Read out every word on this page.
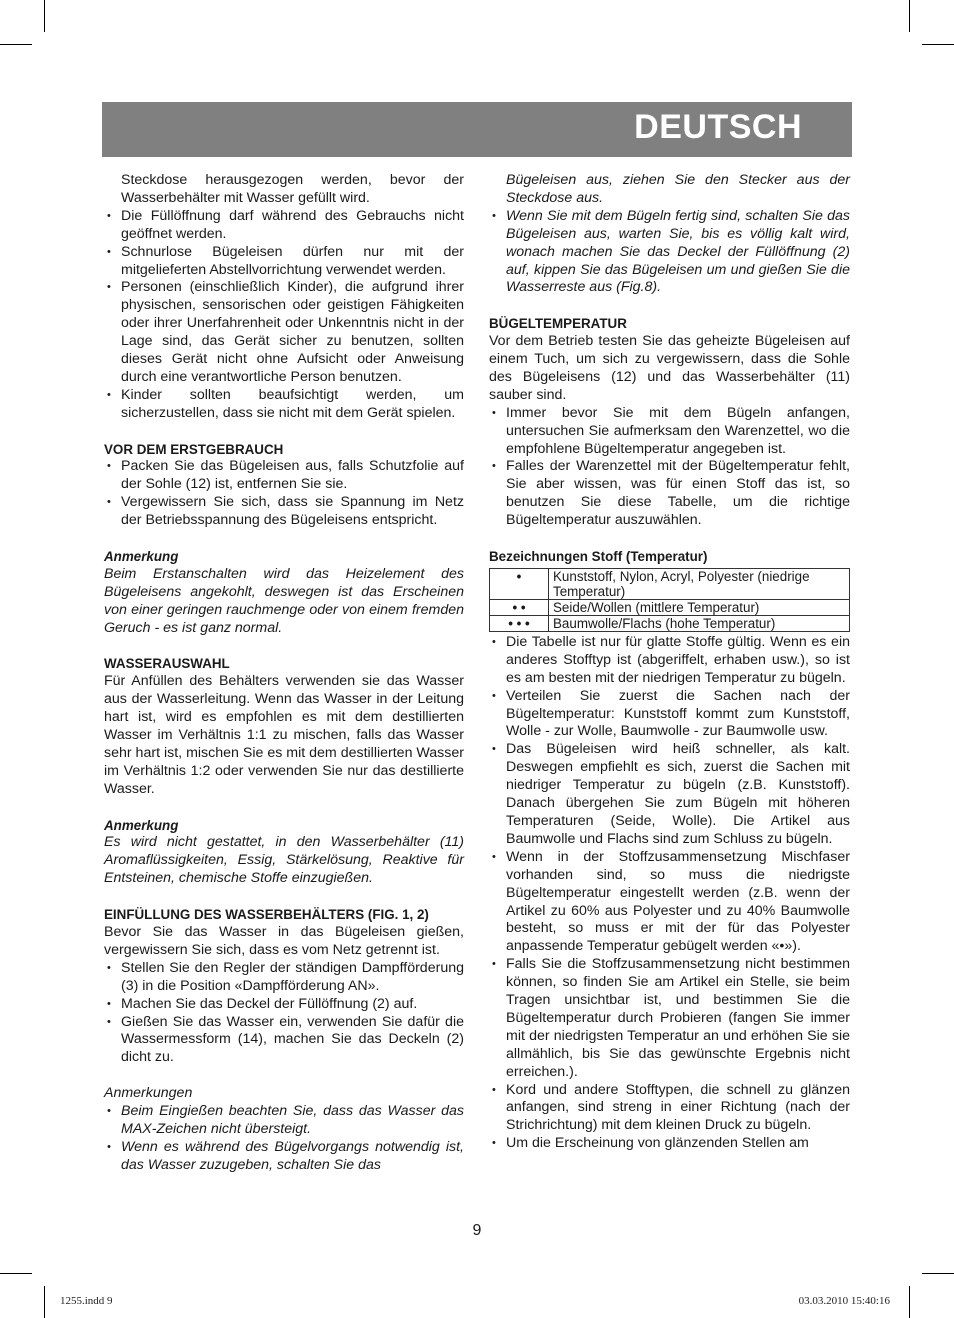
DEUTSCH

Steckdose herausgezogen werden, bevor der Wasserbehälter mit Wasser gefüllt wird.

• Die Füllöffnung darf während des Gebrauchs nicht geöffnet werden.
• Schnurlose Bügeleisen dürfen nur mit der mitgelieferten Abstellvorrichtung verwendet werden.
• Personen (einschließlich Kinder), die aufgrund ihrer physischen, sensorischen oder geistigen Fähigkeiten oder ihrer Unerfahrenheit oder Unkenntnis nicht in der Lage sind, das Gerät sicher zu benutzen, sollten dieses Gerät nicht ohne Aufsicht oder Anweisung durch eine verantwortliche Person benutzen.
• Kinder sollten beaufsichtigt werden, um sicherzustellen, dass sie nicht mit dem Gerät spielen.

VOR DEM ERSTGEBRAUCH

• Packen Sie das Bügeleisen aus, falls Schutzfolie auf der Sohle (12) ist, entfernen Sie sie.
• Vergewissern Sie sich, dass sie Spannung im Netz der Betriebsspannung des Bügeleisens entspricht.

Anmerkung

Beim Erstanschalten wird das Heizelement des Bügeleisens angekohlt, deswegen ist das Erscheinen von einer geringen rauchmenge oder von einem fremden Geruch - es ist ganz normal.

WASSERAUSWAHL

Für Anfüllen des Behälters verwenden sie das Wasser aus der Wasserleitung. Wenn das Wasser in der Leitung hart ist, wird es empfohlen es mit dem destillierten Wasser im Verhältnis 1:1 zu mischen, falls das Wasser sehr hart ist, mischen Sie es mit dem destillierten Wasser im Verhältnis 1:2 oder verwenden Sie nur das destillierte Wasser.

Anmerkung

Es wird nicht gestattet, in den Wasserbehälter (11) Aromaflüssigkeiten, Essig, Stärkelösung, Reaktive für Entsteinen, chemische Stoffe einzugießen.

EINFÜLLUNG DES WASSERBEHÄLTERS (FIG. 1, 2)

Bevor Sie das Wasser in das Bügeleisen gießen, vergewissern Sie sich, dass es vom Netz getrennt ist.

• Stellen Sie den Regler der ständigen Dampfförderung (3) in die Position «Dampfförderung AN».
• Machen Sie das Deckel der Füllöffnung (2) auf.
• Gießen Sie das Wasser ein, verwenden Sie dafür die Wassermessform (14), machen Sie das Deckeln (2) dicht zu.

Anmerkungen

• Beim Eingießen beachten Sie, dass das Wasser das MAX-Zeichen nicht übersteigt.
• Wenn es während des Bügelvorgangs notwendig ist, das Wasser zuzugeben, schalten Sie das

Bügeleisen aus, ziehen Sie den Stecker aus der Steckdose aus.

• Wenn Sie mit dem Bügeln fertig sind, schalten Sie das Bügeleisen aus, warten Sie, bis es völlig kalt wird, wonach machen Sie das Deckel der Füllöffnung (2) auf, kippen Sie das Bügeleisen um und gießen Sie die Wasserreste aus (Fig.8).

BÜGELTEMPERATUR

Vor dem Betrieb testen Sie das geheizte Bügeleisen auf einem Tuch, um sich zu vergewissern, dass die Sohle des Bügeleisens (12) und das Wasserbehälter (11) sauber sind.

• Immer bevor Sie mit dem Bügeln anfangen, untersuchen Sie aufmerksam den Warenzettel, wo die empfohlene Bügeltemperatur angegeben ist.
• Falles der Warenzettel mit der Bügeltemperatur fehlt, Sie aber wissen, was für einen Stoff das ist, so benutzen Sie diese Tabelle, um die richtige Bügeltemperatur auszuwählen.

Bezeichnungen Stoff (Temperatur)

•	Kunststoff, Nylon, Acryl, Polyester (niedrige Temperatur)
• •	Seide/Wollen (mittlere Temperatur)
• • •	Baumwolle/Flachs (hohe Temperatur)
• Die Tabelle ist nur für glatte Stoffe gültig. Wenn es ein anderes Stofftyp ist (abgeriffelt, erhaben usw.), so ist es am besten mit der niedrigen Temperatur zu bügeln.
• Verteilen Sie zuerst die Sachen nach der Bügeltemperatur: Kunststoff kommt zum Kunststoff, Wolle - zur Wolle, Baumwolle - zur Baumwolle usw.
• Das Bügeleisen wird heiß schneller, als kalt. Deswegen empfiehlt es sich, zuerst die Sachen mit niedriger Temperatur zu bügeln (z.B. Kunststoff). Danach übergehen Sie zum Bügeln mit höheren Temperaturen (Seide, Wolle). Die Artikel aus Baumwolle und Flachs sind zum Schluss zu bügeln.
• Wenn in der Stoffzusammensetzung Mischfaser vorhanden sind, so muss die niedrigste Bügeltemperatur eingestellt werden (z.B. wenn der Artikel zu 60% aus Polyester und zu 40% Baumwolle besteht, so muss er mit der für das Polyester anpassende Temperatur gebügelt werden «•»).
• Falls Sie die Stoffzusammensetzung nicht bestimmen können, so finden Sie am Artikel ein Stelle, sie beim Tragen unsichtbar ist, und bestimmen Sie die Bügeltemperatur durch Probieren (fangen Sie immer mit der niedrigsten Temperatur an und erhöhen Sie sie allmählich, bis Sie das gewünschte Ergebnis nicht erreichen.).
• Kord und andere Stofftypen, die schnell zu glänzen anfangen, sind streng in einer Richtung (nach der Strichrichtung) mit dem kleinen Druck zu bügeln.
• Um die Erscheinung von glänzenden Stellen am
9
1255.indd 9	03.03.2010 15:40:16
